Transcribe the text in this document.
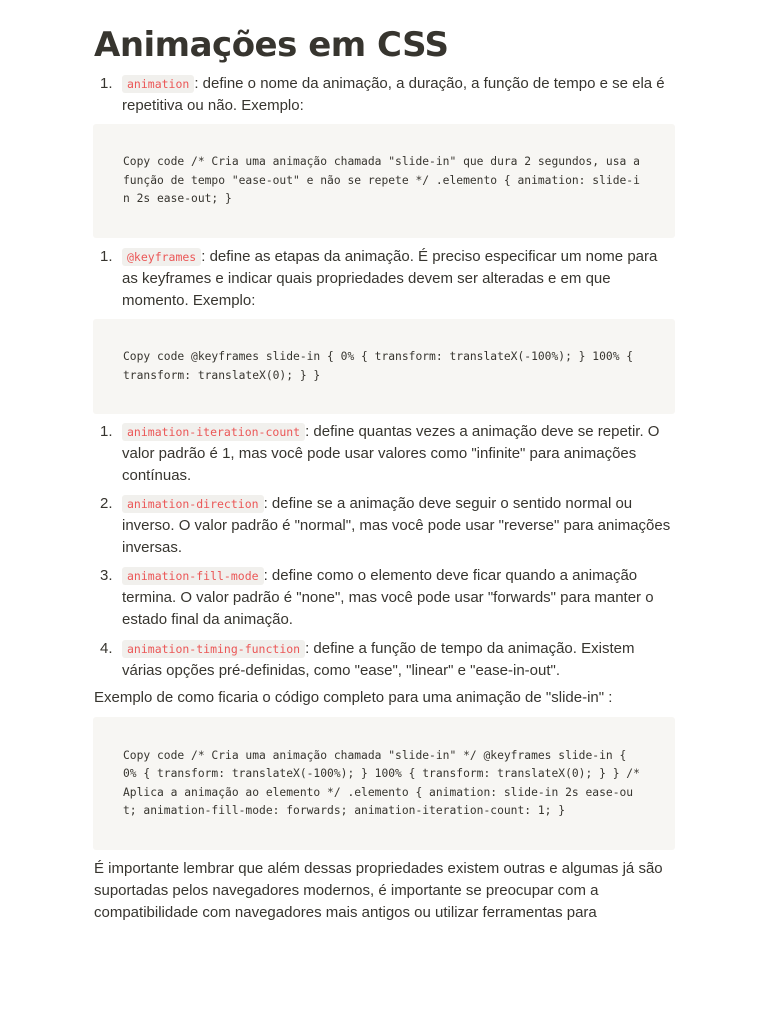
Animações em CSS
1.	animation : define o nome da animação, a duração, a função de tempo e se ela é repetitiva ou não. Exemplo:
Copy code /* Cria uma animação chamada "slide-in" que dura 2 segundos, usa a função de tempo "ease-out" e não se repete */ .elemento { animation: slide-in 2s ease-out; }
1.	@keyframes : define as etapas da animação. É preciso especificar um nome para as keyframes e indicar quais propriedades devem ser alteradas e em que momento. Exemplo:
Copy code @keyframes slide-in { 0% { transform: translateX(-100%); } 100% { transform: translateX(0); } }
1.	animation-iteration-count : define quantas vezes a animação deve se repetir. O valor padrão é 1, mas você pode usar valores como "infinite" para animações contínuas.
2.	animation-direction : define se a animação deve seguir o sentido normal ou inverso. O valor padrão é "normal", mas você pode usar "reverse" para animações inversas.
3.	animation-fill-mode : define como o elemento deve ficar quando a animação termina. O valor padrão é "none", mas você pode usar "forwards" para manter o estado final da animação.
4.	animation-timing-function : define a função de tempo da animação. Existem várias opções pré-definidas, como "ease", "linear" e "ease-in-out".
Exemplo de como ficaria o código completo para uma animação de "slide-in" :
Copy code /* Cria uma animação chamada "slide-in" */ @keyframes slide-in { 0% { transform: translateX(-100%); } 100% { transform: translateX(0); } } /* Aplica a animação ao elemento */ .elemento { animation: slide-in 2s ease-out; animation-fill-mode: forwards; animation-iteration-count: 1; }
É importante lembrar que além dessas propriedades existem outras e algumas já são suportadas pelos navegadores modernos, é importante se preocupar com a compatibilidade com navegadores mais antigos ou utilizar ferramentas para
